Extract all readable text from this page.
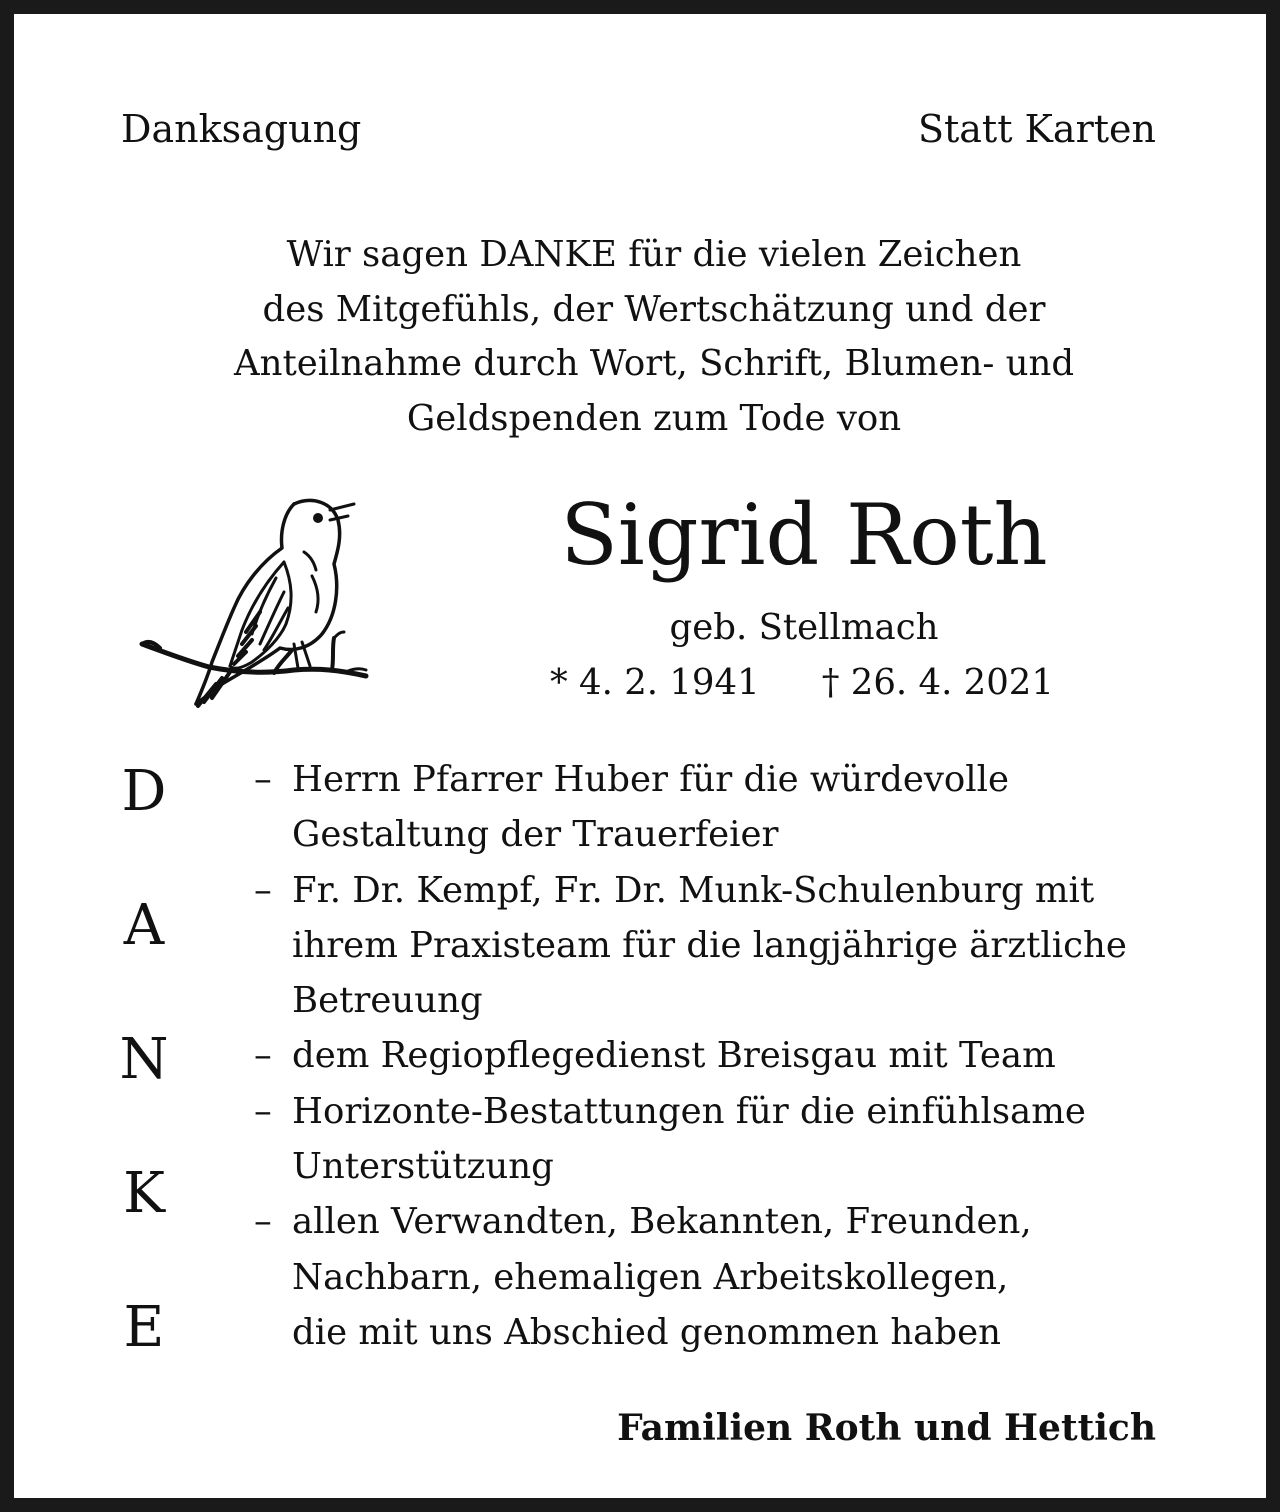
Danksagung	Statt Karten
Wir sagen DANKE für die vielen Zeichen
des Mitgefühls, der Wertschätzung und der
Anteilnahme durch Wort, Schrift, Blumen- und
Geldspenden zum Tode von
Sigrid Roth
geb. Stellmach
* 4. 2. 1941 † 26. 4. 2021
D
A
N
K
E
– Herrn Pfarrer Huber für die würdevolle
Gestaltung der Trauerfeier
– Fr. Dr. Kempf, Fr. Dr. Munk-Schulenburg mit
ihrem Praxisteam für die langjährige ärztliche
Betreuung
– dem Regiopflegedienst Breisgau mit Team
– Horizonte-Bestattungen für die einfühlsame
Unterstützung
– allen Verwandten, Bekannten, Freunden,
Nachbarn, ehemaligen Arbeitskollegen,
die mit uns Abschied genommen haben
Familien Roth und Hettich
